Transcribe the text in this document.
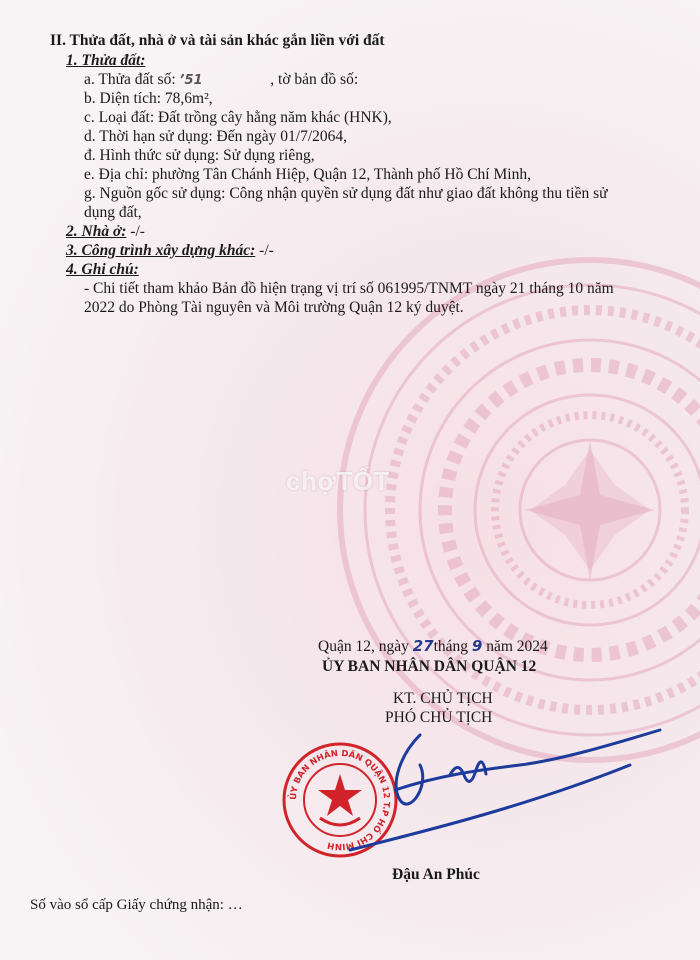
chợTỐT
II. Thửa đất, nhà ở và tài sản khác gắn liền với đất
1. Thửa đất:
a. Thửa đất số: ’51	, tờ bản đồ số:
b. Diện tích: 78,6m²,
c. Loại đất: Đất trồng cây hằng năm khác (HNK),
d. Thời hạn sử dụng: Đến ngày 01/7/2064,
đ. Hình thức sử dụng: Sử dụng riêng,
e. Địa chỉ: phường Tân Chánh Hiệp, Quận 12, Thành phố Hồ Chí Minh,
g. Nguồn gốc sử dụng: Công nhận quyền sử dụng đất như giao đất không thu tiền sử
dụng đất,
2. Nhà ở: -/-
3. Công trình xây dựng khác: -/-
4. Ghi chú:
- Chi tiết tham khảo Bản đồ hiện trạng vị trí số 061995/TNMT ngày 21 tháng 10 năm
2022 do Phòng Tài nguyên và Môi trường Quận 12 ký duyệt.
Quận 12, ngày 27tháng 9 năm 2024
ỦY BAN NHÂN DÂN QUẬN 12
KT. CHỦ TỊCH
PHÓ CHỦ TỊCH
ỦY BAN NHÂN DÂN QUẬN 12 T.P HỒ CHÍ MINH
Đậu An Phúc
Số vào sổ cấp Giấy chứng nhận: …
